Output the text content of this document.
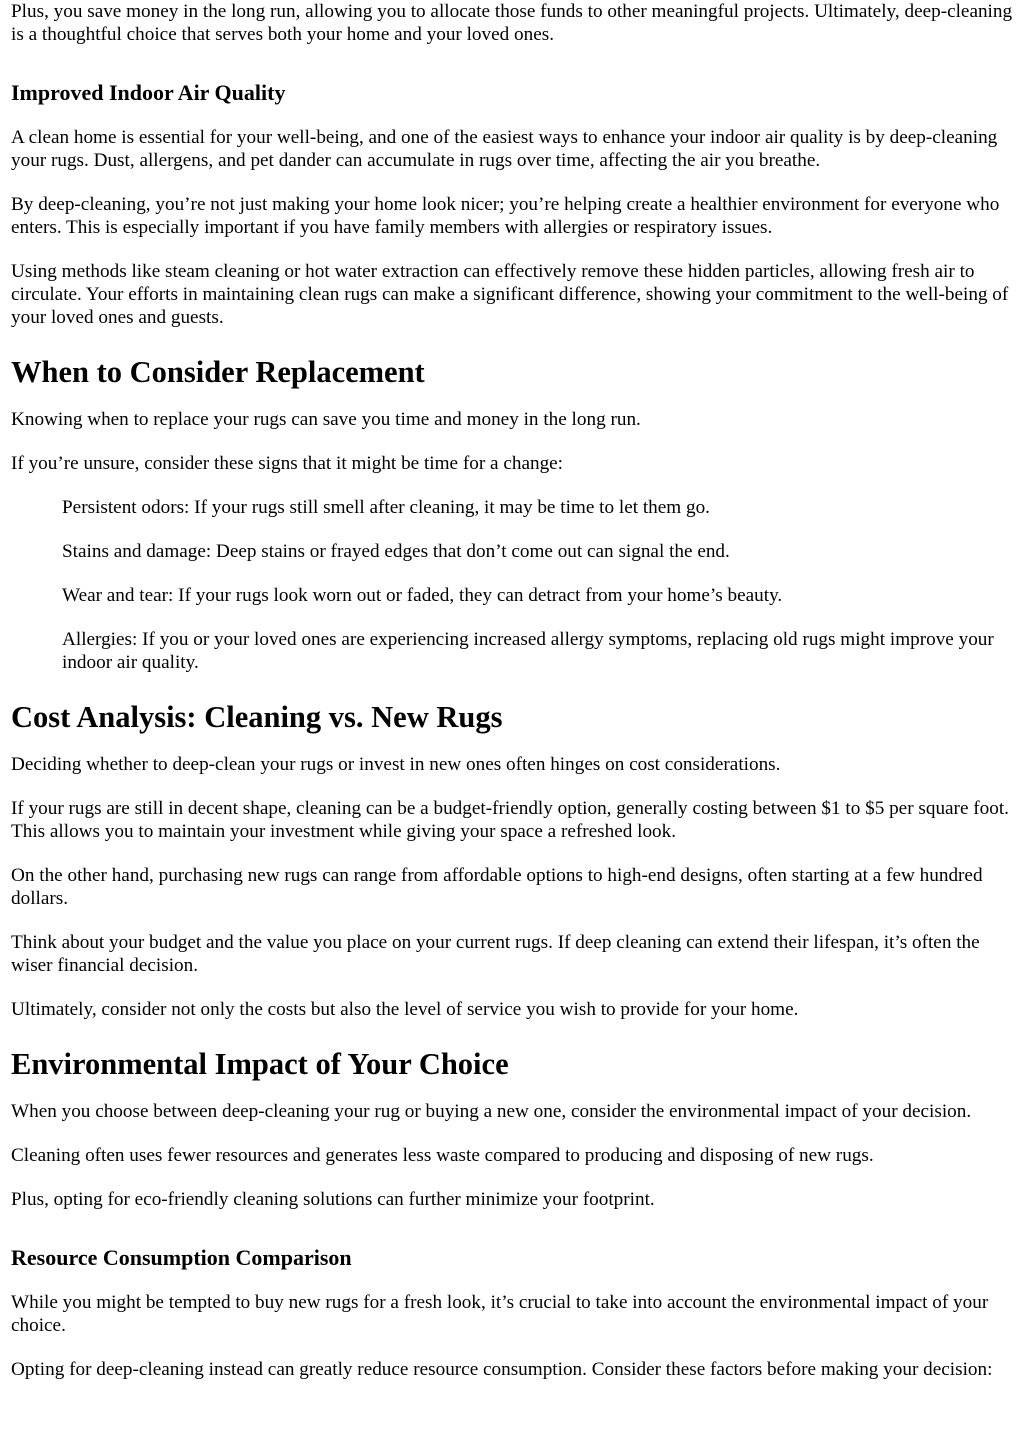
Plus, you save money in the long run, allowing you to allocate those funds to other meaningful projects. Ultimately, deep-cleaning is a thoughtful choice that serves both your home and your loved ones.

Improved Indoor Air Quality

A clean home is essential for your well-being, and one of the easiest ways to enhance your indoor air quality is by deep-cleaning your rugs. Dust, allergens, and pet dander can accumulate in rugs over time, affecting the air you breathe.

By deep-cleaning, you’re not just making your home look nicer; you’re helping create a healthier environment for everyone who enters. This is especially important if you have family members with allergies or respiratory issues.

Using methods like steam cleaning or hot water extraction can effectively remove these hidden particles, allowing fresh air to circulate. Your efforts in maintaining clean rugs can make a significant difference, showing your commitment to the well-being of your loved ones and guests.

When to Consider Replacement

Knowing when to replace your rugs can save you time and money in the long run.

If you’re unsure, consider these signs that it might be time for a change:

Persistent odors: If your rugs still smell after cleaning, it may be time to let them go.
Stains and damage: Deep stains or frayed edges that don’t come out can signal the end.
Wear and tear: If your rugs look worn out or faded, they can detract from your home’s beauty.
Allergies: If you or your loved ones are experiencing increased allergy symptoms, replacing old rugs might improve your indoor air quality.
Cost Analysis: Cleaning vs. New Rugs

Deciding whether to deep-clean your rugs or invest in new ones often hinges on cost considerations.

If your rugs are still in decent shape, cleaning can be a budget-friendly option, generally costing between $1 to $5 per square foot. This allows you to maintain your investment while giving your space a refreshed look.

On the other hand, purchasing new rugs can range from affordable options to high-end designs, often starting at a few hundred dollars.

Think about your budget and the value you place on your current rugs. If deep cleaning can extend their lifespan, it’s often the wiser financial decision.

Ultimately, consider not only the costs but also the level of service you wish to provide for your home.

Environmental Impact of Your Choice

When you choose between deep-cleaning your rug or buying a new one, consider the environmental impact of your decision.

Cleaning often uses fewer resources and generates less waste compared to producing and disposing of new rugs.

Plus, opting for eco-friendly cleaning solutions can further minimize your footprint.

Resource Consumption Comparison

While you might be tempted to buy new rugs for a fresh look, it’s crucial to take into account the environmental impact of your choice.

Opting for deep-cleaning instead can greatly reduce resource consumption. Consider these factors before making your decision:
